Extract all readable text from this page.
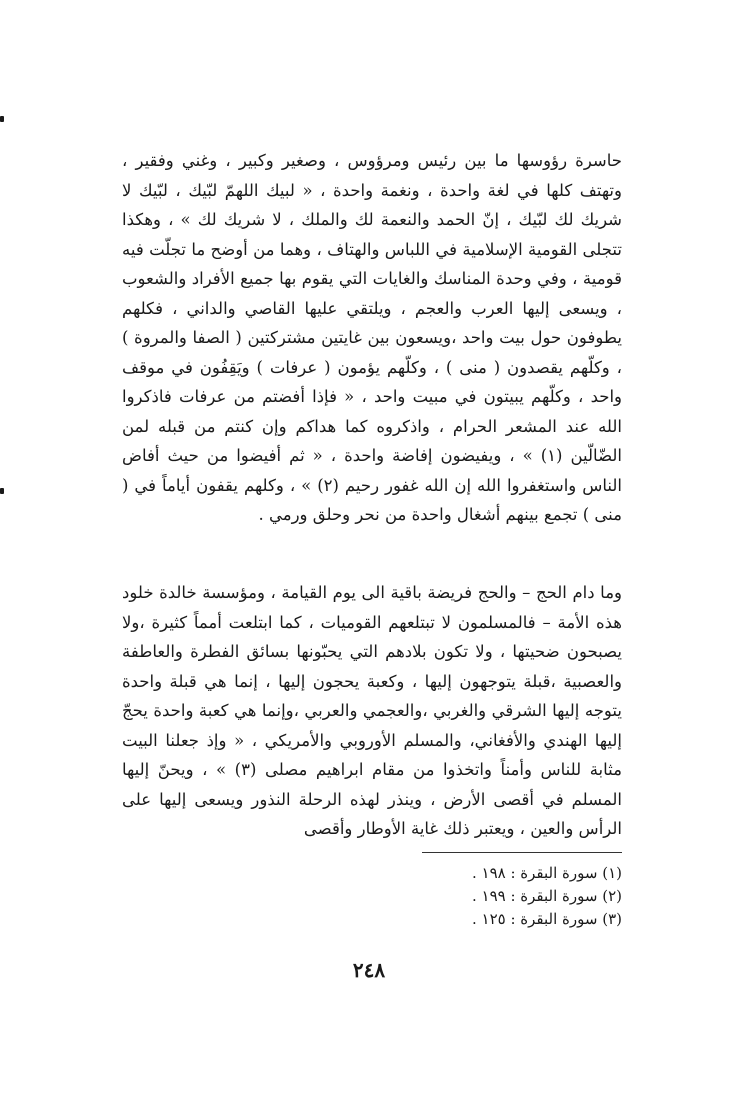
حاسرة رؤوسها ما بين رئيس ومرؤوس ، وصغير وكبير ، وغني وفقير ، وتهتف كلها في لغة واحدة ، ونغمة واحدة ، « لبيك اللهمّ لبّيك ، لبّيك لا شريك لك لبّيك ، إنّ الحمد والنعمة لك والملك ، لا شريك لك » ، وهكذا تتجلى القومية الإسلامية في اللباس والهتاف ، وهما من أوضح ما تجلّت فيه قومية ، وفي وحدة المناسك والغايات التي يقوم بها جميع الأفراد والشعوب ، ويسعى إليها العرب والعجم ، ويلتقي عليها القاصي والداني ، فكلهم يطوفون حول بيت واحد ،ويسعون بين غايتين مشتركتين ( الصفا والمروة ) ، وكلّهم يقصدون ( منى ) ، وكلّهم يؤمون ( عرفات ) ويَقِفُون في موقف واحد ، وكلّهم يبيتون في مبيت واحد ، « فإذا أفضتم من عرفات فاذكروا الله عند المشعر الحرام ، واذكروه كما هداكم وإن كنتم من قبله لمن الضّالّين (١) » ، ويفيضون إفاضة واحدة ، « ثم أفيضوا من حيث أفاض الناس واستغفروا الله إن الله غفور رحيم (٢) » ، وكلهم يقفون أياماً في ( منى ) تجمع بينهم أشغال واحدة من نحر وحلق ورمي .

وما دام الحج – والحج فريضة باقية الى يوم القيامة ، ومؤسسة خالدة خلود هذه الأمة – فالمسلمون لا تبتلعهم القوميات ، كما ابتلعت أمماً كثيرة ،ولا يصبحون ضحيتها ، ولا تكون بلادهم التي يحبّونها بسائق الفطرة والعاطفة والعصبية ،قبلة يتوجهون إليها ، وكعبة يحجون إليها ، إنما هي قبلة واحدة يتوجه إليها الشرقي والغربي ،والعجمي والعربي ،وإنما هي كعبة واحدة يحجّ إليها الهندي والأفغاني، والمسلم الأوروبي والأمريكي ، « وإذ جعلنا البيت مثابة للناس وأمناً واتخذوا من مقام ابراهيم مصلى (٣) » ، ويحنّ إليها المسلم في أقصى الأرض ، وينذر لهذه الرحلة النذور ويسعى إليها على الرأس والعين ، ويعتبر ذلك غاية الأوطار وأقصى

(١) سورة البقرة : ١٩٨ .
(٢) سورة البقرة : ١٩٩ .
(٣) سورة البقرة : ١٢٥ .
٢٤٨
